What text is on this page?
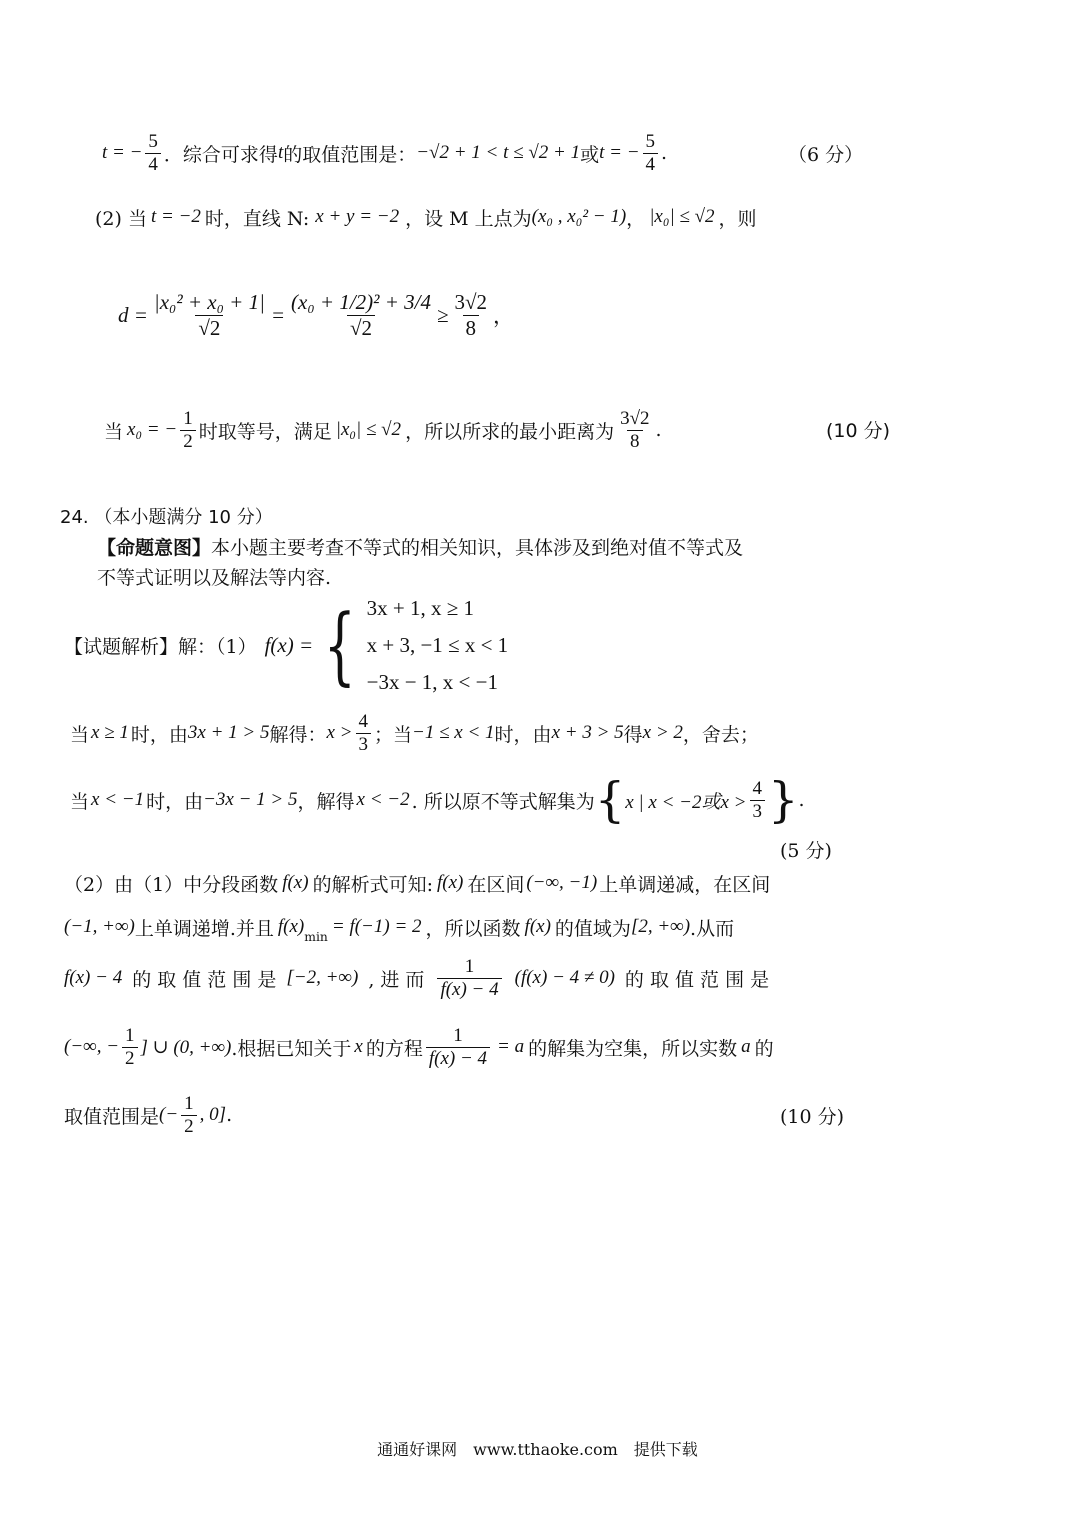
t = − $\frac{5}{4}$ ．综合可求得 t 的取值范围是： −√2 + 1 < t ≤ √2 + 1 或 t = − $\frac{5}{4}$ .	（6 分）
(2) 当 t = −2 时，直线 N: x + y = −2 ，设 M 上点为 (x₀ , x₀² − 1) ， |x₀| ≤ √2 ，则
$d = \frac{\text{|x₀² + x₀ + 1|}}{√2} = \frac{\text{(x₀ + 1/2)² + 3/4}}{√2} \ge \frac{3√2}{8}$ ，
当 x₀ = − $\frac{1}{2}$ 时取等号，满足 |x₀| ≤ √2 ，所以所求的最小距离为 $\frac{3√2}{8}$ .	(10 分)
24. （本小题满分 10 分）
【命题意图】 本小题主要考查不等式的相关知识，具体涉及到绝对值不等式及
不等式证明以及解法等内容.
【试题解析】解：（1） f(x) = { 3x + 1, x ≥ 1
x + 3, −1 ≤ x < 1
−3x − 1, x < −1
当 x ≥ 1 时，由 3x + 1 > 5 解得： $x > \frac{4}{3}$ ；当 −1 ≤ x < 1 时，由 x + 3 > 5 得 x > 2 ，舍去；
当 x < −1 时，由 −3x − 1 > 5 ，解得 x < −2 . 所以原不等式解集为 { x | x < −2或$x > \frac{4}{3}$ } .
(5 分)
（2）由（1）中分段函数 f(x) 的解析式可知: f(x) 在区间 (−∞, −1) 上单调递减，在区间
(−1, +∞) 上单调递增.并且 $f(x)_{min} = f(-1) = 2$ ，所以函数 f(x) 的值域为 [2, +∞) .从而
f(x) − 4 的 取 值 范 围 是 [−2, +∞) , 进 而 $\frac{1}{f(x) - 4} (f(x) - 4 \ne 0)$ 的 取 值 范 围 是
(−∞, − $\frac{1}{2}$ ] ∪ (0, +∞) .根据已知关于 x 的方程 $\frac{1}{f(x) - 4} = a$ 的解集为空集，所以实数 a 的
取值范围是 (− $\frac{1}{2}$ , 0] .	(10 分)
通通好课网　www.tthaoke.com　提供下载
